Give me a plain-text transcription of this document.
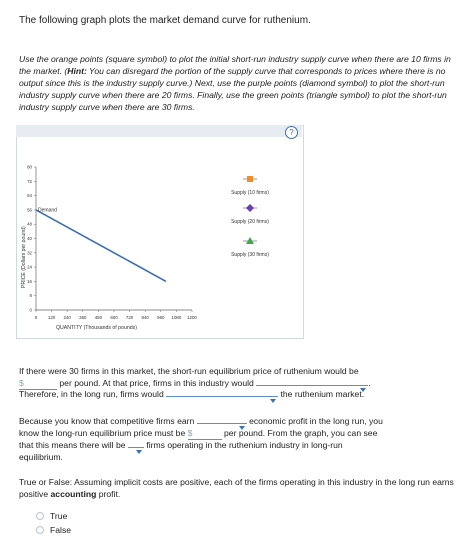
The following graph plots the market demand curve for ruthenium.
Use the orange points (square symbol) to plot the initial short-run industry supply curve when there are 10 firms in the market. (Hint: You can disregard the portion of the supply curve that corresponds to prices where there is no output since this is the industry supply curve.) Next, use the purple points (diamond symbol) to plot the short-run industry supply curve when there are 20 firms. Finally, use the green points (triangle symbol) to plot the short-run industry supply curve when there are 30 firms.
?
0 120 240 360 480 600 720 840 960 1080 1200
0
8
16
24
32
40
48
56
64
72
80
Demand
Supply (10 firms)
Supply (20 firms)
Supply (30 firms)
QUANTITY (Thousands of pounds)
PRICE (Dollars per pound)
If there were 30 firms in this market, the short-run equilibrium price of ruthenium would be
$	per pound. At that price, firms in this industry would	.
Therefore, in the long run, firms would	the ruthenium market.
Because you know that competitive firms earn	economic profit in the long run, you
know the long-run equilibrium price must be $	per pound. From the graph, you can see
that this means there will be firms operating in the ruthenium industry in long-run
equilibrium.
True or False: Assuming implicit costs are positive, each of the firms operating in this industry in the long run earns positive accounting profit.
True
False
